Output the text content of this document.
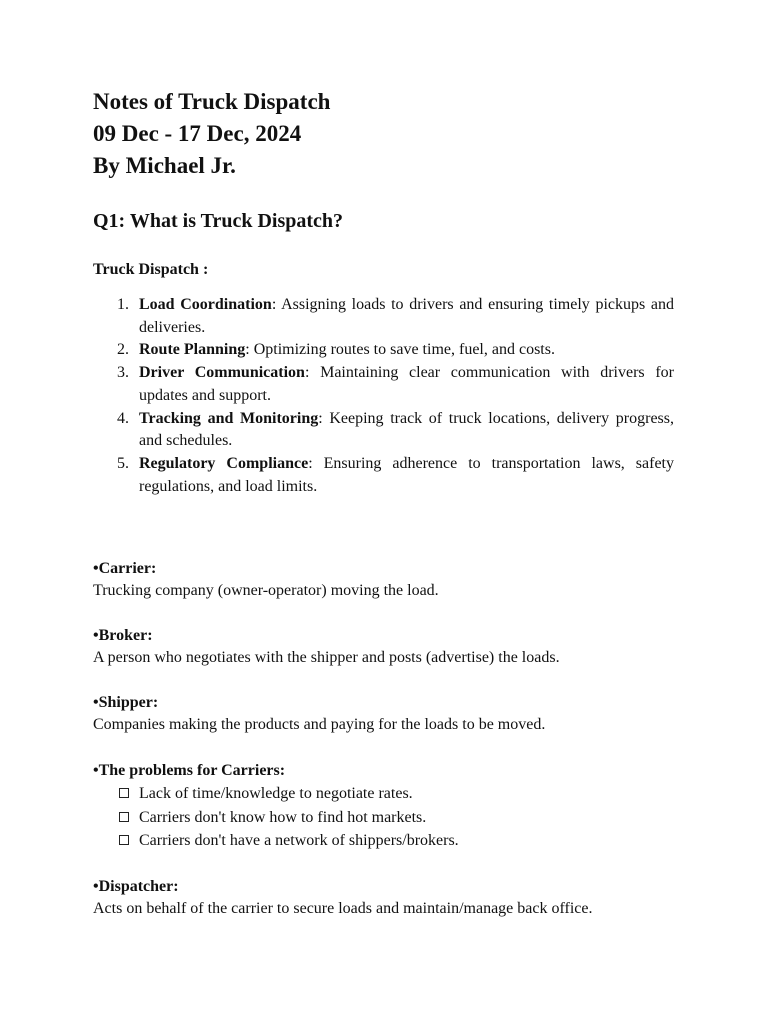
Notes of Truck Dispatch
09 Dec - 17 Dec, 2024
By Michael Jr.
Q1: What is Truck Dispatch?
Truck Dispatch :
1. Load Coordination: Assigning loads to drivers and ensuring timely pickups and deliveries.
2. Route Planning: Optimizing routes to save time, fuel, and costs.
3. Driver Communication: Maintaining clear communication with drivers for updates and support.
4. Tracking and Monitoring: Keeping track of truck locations, delivery progress, and schedules.
5. Regulatory Compliance: Ensuring adherence to transportation laws, safety regulations, and load limits.
•Carrier:
Trucking company (owner-operator) moving the load.
•Broker:
A person who negotiates with the shipper and posts (advertise) the loads.
•Shipper:
Companies making the products and paying for the loads to be moved.
•The problems for Carriers:
Lack of time/knowledge to negotiate rates.
Carriers don't know how to find hot markets.
Carriers don't have a network of shippers/brokers.
•Dispatcher:
Acts on behalf of the carrier to secure loads and maintain/manage back office.
